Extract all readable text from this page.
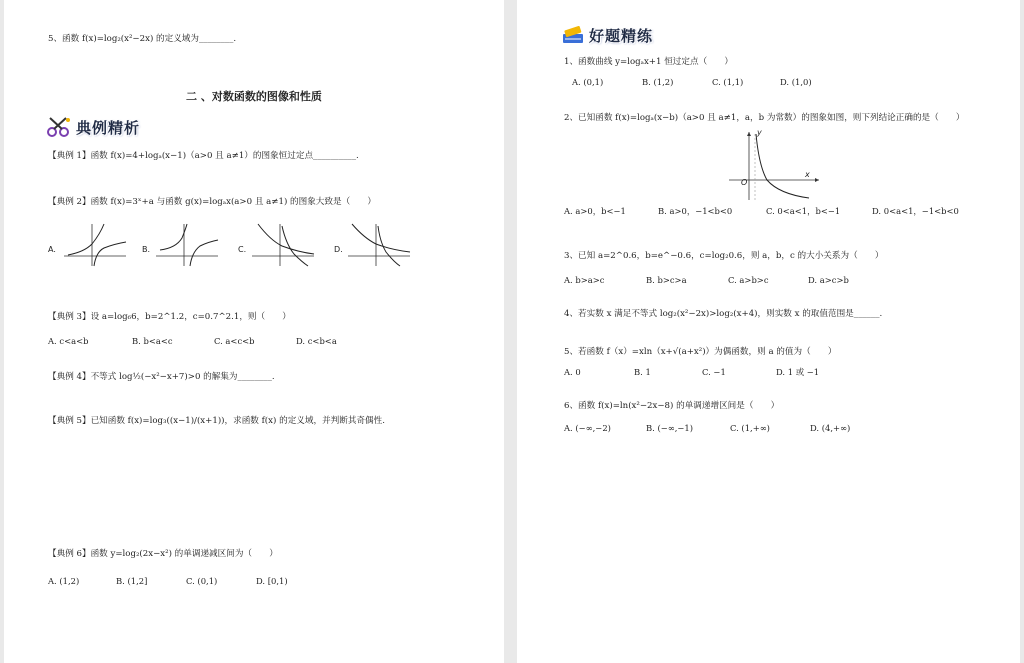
5、函数 f(x)=log₂(x²−2x) 的定义域为________.
二 、对数函数的图像和性质
典例精析
【典例 1】函数 f(x)=4+logₐ(x−1)（a>0 且 a≠1）的图象恒过定点__________.
【典例 2】函数 f(x)=3ˣ+a 与函数 g(x)=logₐx(a>0 且 a≠1) 的图象大致是（　　）
A.	B.	C.	D.
【典例 3】设 a=log₆6，b=2^1.2，c=0.7^2.1，则（　　）
A. c<a<b	B. b<a<c	C. a<c<b	D. c<b<a
【典例 4】不等式 log½(−x²−x+7)>0 的解集为________.
【典例 5】已知函数 f(x)=log₃((x−1)/(x+1))，求函数 f(x) 的定义域，并判断其奇偶性.
【典例 6】函数 y=log₂(2x−x²) 的单调递减区间为（　　）
A. (1,2)	B. (1,2]	C. (0,1)	D. [0,1)
好题精练
1、函数曲线 y=logₐx+1 恒过定点（　　）
A. (0,1)	B. (1,2)	C. (1,1)	D. (1,0)
2、已知函数 f(x)=logₐ(x−b)（a>0 且 a≠1，a，b 为常数）的图象如图，则下列结论正确的是（　　）
y
x
O
A. a>0，b<−1	B. a>0，−1<b<0	C. 0<a<1，b<−1	D. 0<a<1，−1<b<0
3、已知 a=2^0.6，b=e^−0.6，c=log₂0.6，则 a，b，c 的大小关系为（　　）
A. b>a>c	B. b>c>a	C. a>b>c	D. a>c>b
4、若实数 x 满足不等式 log₂(x²−2x)>log₂(x+4)，则实数 x 的取值范围是______.
5、若函数 f（x）=xln（x+√(a+x²)）为偶函数，则 a 的值为（　　）
A. 0	B. 1	C. −1	D. 1 或 −1
6、函数 f(x)=ln(x²−2x−8) 的单调递增区间是（　　）
A. (−∞,−2)	B. (−∞,−1)	C. (1,+∞)	D. (4,+∞)
